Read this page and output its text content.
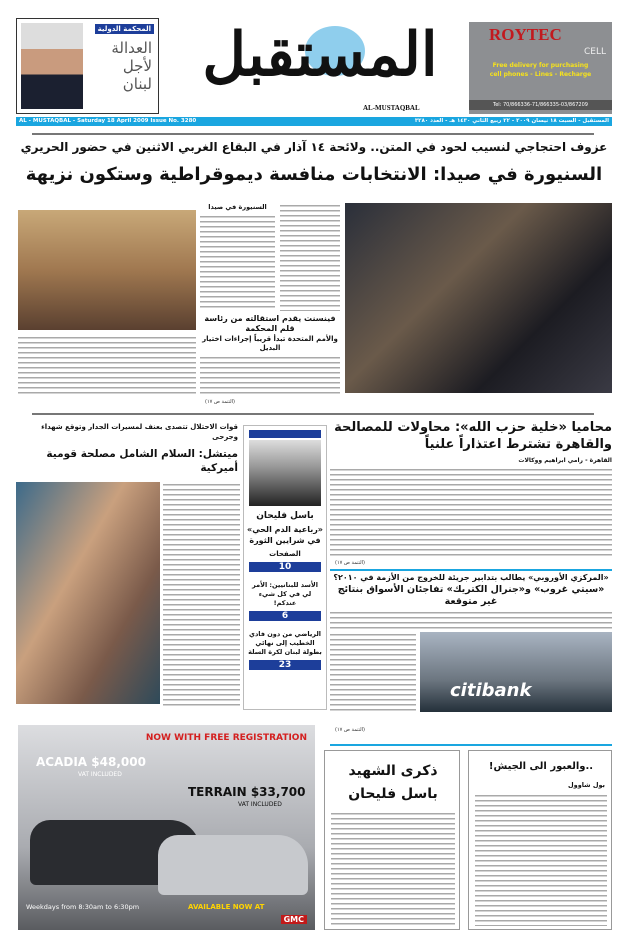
المحكمة الدولية
العدالة
لأجل
لبنان المستقبل
AL-MUSTAQBAL
ROYTEC
CELL
Free delivery for purchasing
cell phones - Lines - Recharge
Tel: 70/866336-71/866335-03/867209
AL - MUSTAQBAL - Saturday 18 April 2009 Issue No. 3280	المستقبل - السبت ١٨ نيسان ٢٠٠٩ - ٢٢ ربيع الثاني ١٤٣٠ هـ - العدد ٣٢٨٠
عزوف احتجاجي لنسيب لحود في المتن.. ولائحة ١٤ آذار في البقاع الغربي الاثنين في حضور الحريري
السنيورة في صيدا: الانتخابات منافسة ديموقراطية وستكون نزيهة
السنيورة في صيدا
فينسنت يقدم استقالته من رئاسة قلم المحكمة
والأمم المتحدة تبدأ قريباً إجراءات اختيار البديل
(التتمة ص ١٧)
محاميا «خلية حزب الله»: محاولات للمصالحة
والقاهرة تشترط اعتذاراً علنياً
القاهرة - رامي ابراهيم ووكالات
(التتمة ص ١٧)
باسل فليحان
«رباعية الدم الحي» في شرايين الثورة
الصفحات
10
الأسد للبنانيين: الأمر لي في كل شيء عندكم!
6
الرياضي من دون فادي الخطيب إلى نهائي بطولة لبنان لكرة السلة
23
قوات الاحتلال تتصدى بعنف لمسيرات الجدار وتوقع شهداء وجرحى
ميتشل: السلام الشامل مصلحة قومية أميركية
«المركزي الأوروبي» يطالب بتدابير جريئة للخروج من الأزمة في ٢٠١٠؟
«سيتي غروب» و«جنرال الكتريك» تفاجئان الأسواق بنتائج غير متوقعة
citibank
(التتمة ص ١٧)
NOW WITH FREE REGISTRATION
ACADIA $48,000
VAT INCLUDED
TERRAIN $33,700
VAT INCLUDED
Weekdays from 8:30am to 6:30pm	AVAILABLE NOW AT
GMC
ذكرى الشهيد
باسل فليحان
..والعبور الى الجيش!
بول شاوول
